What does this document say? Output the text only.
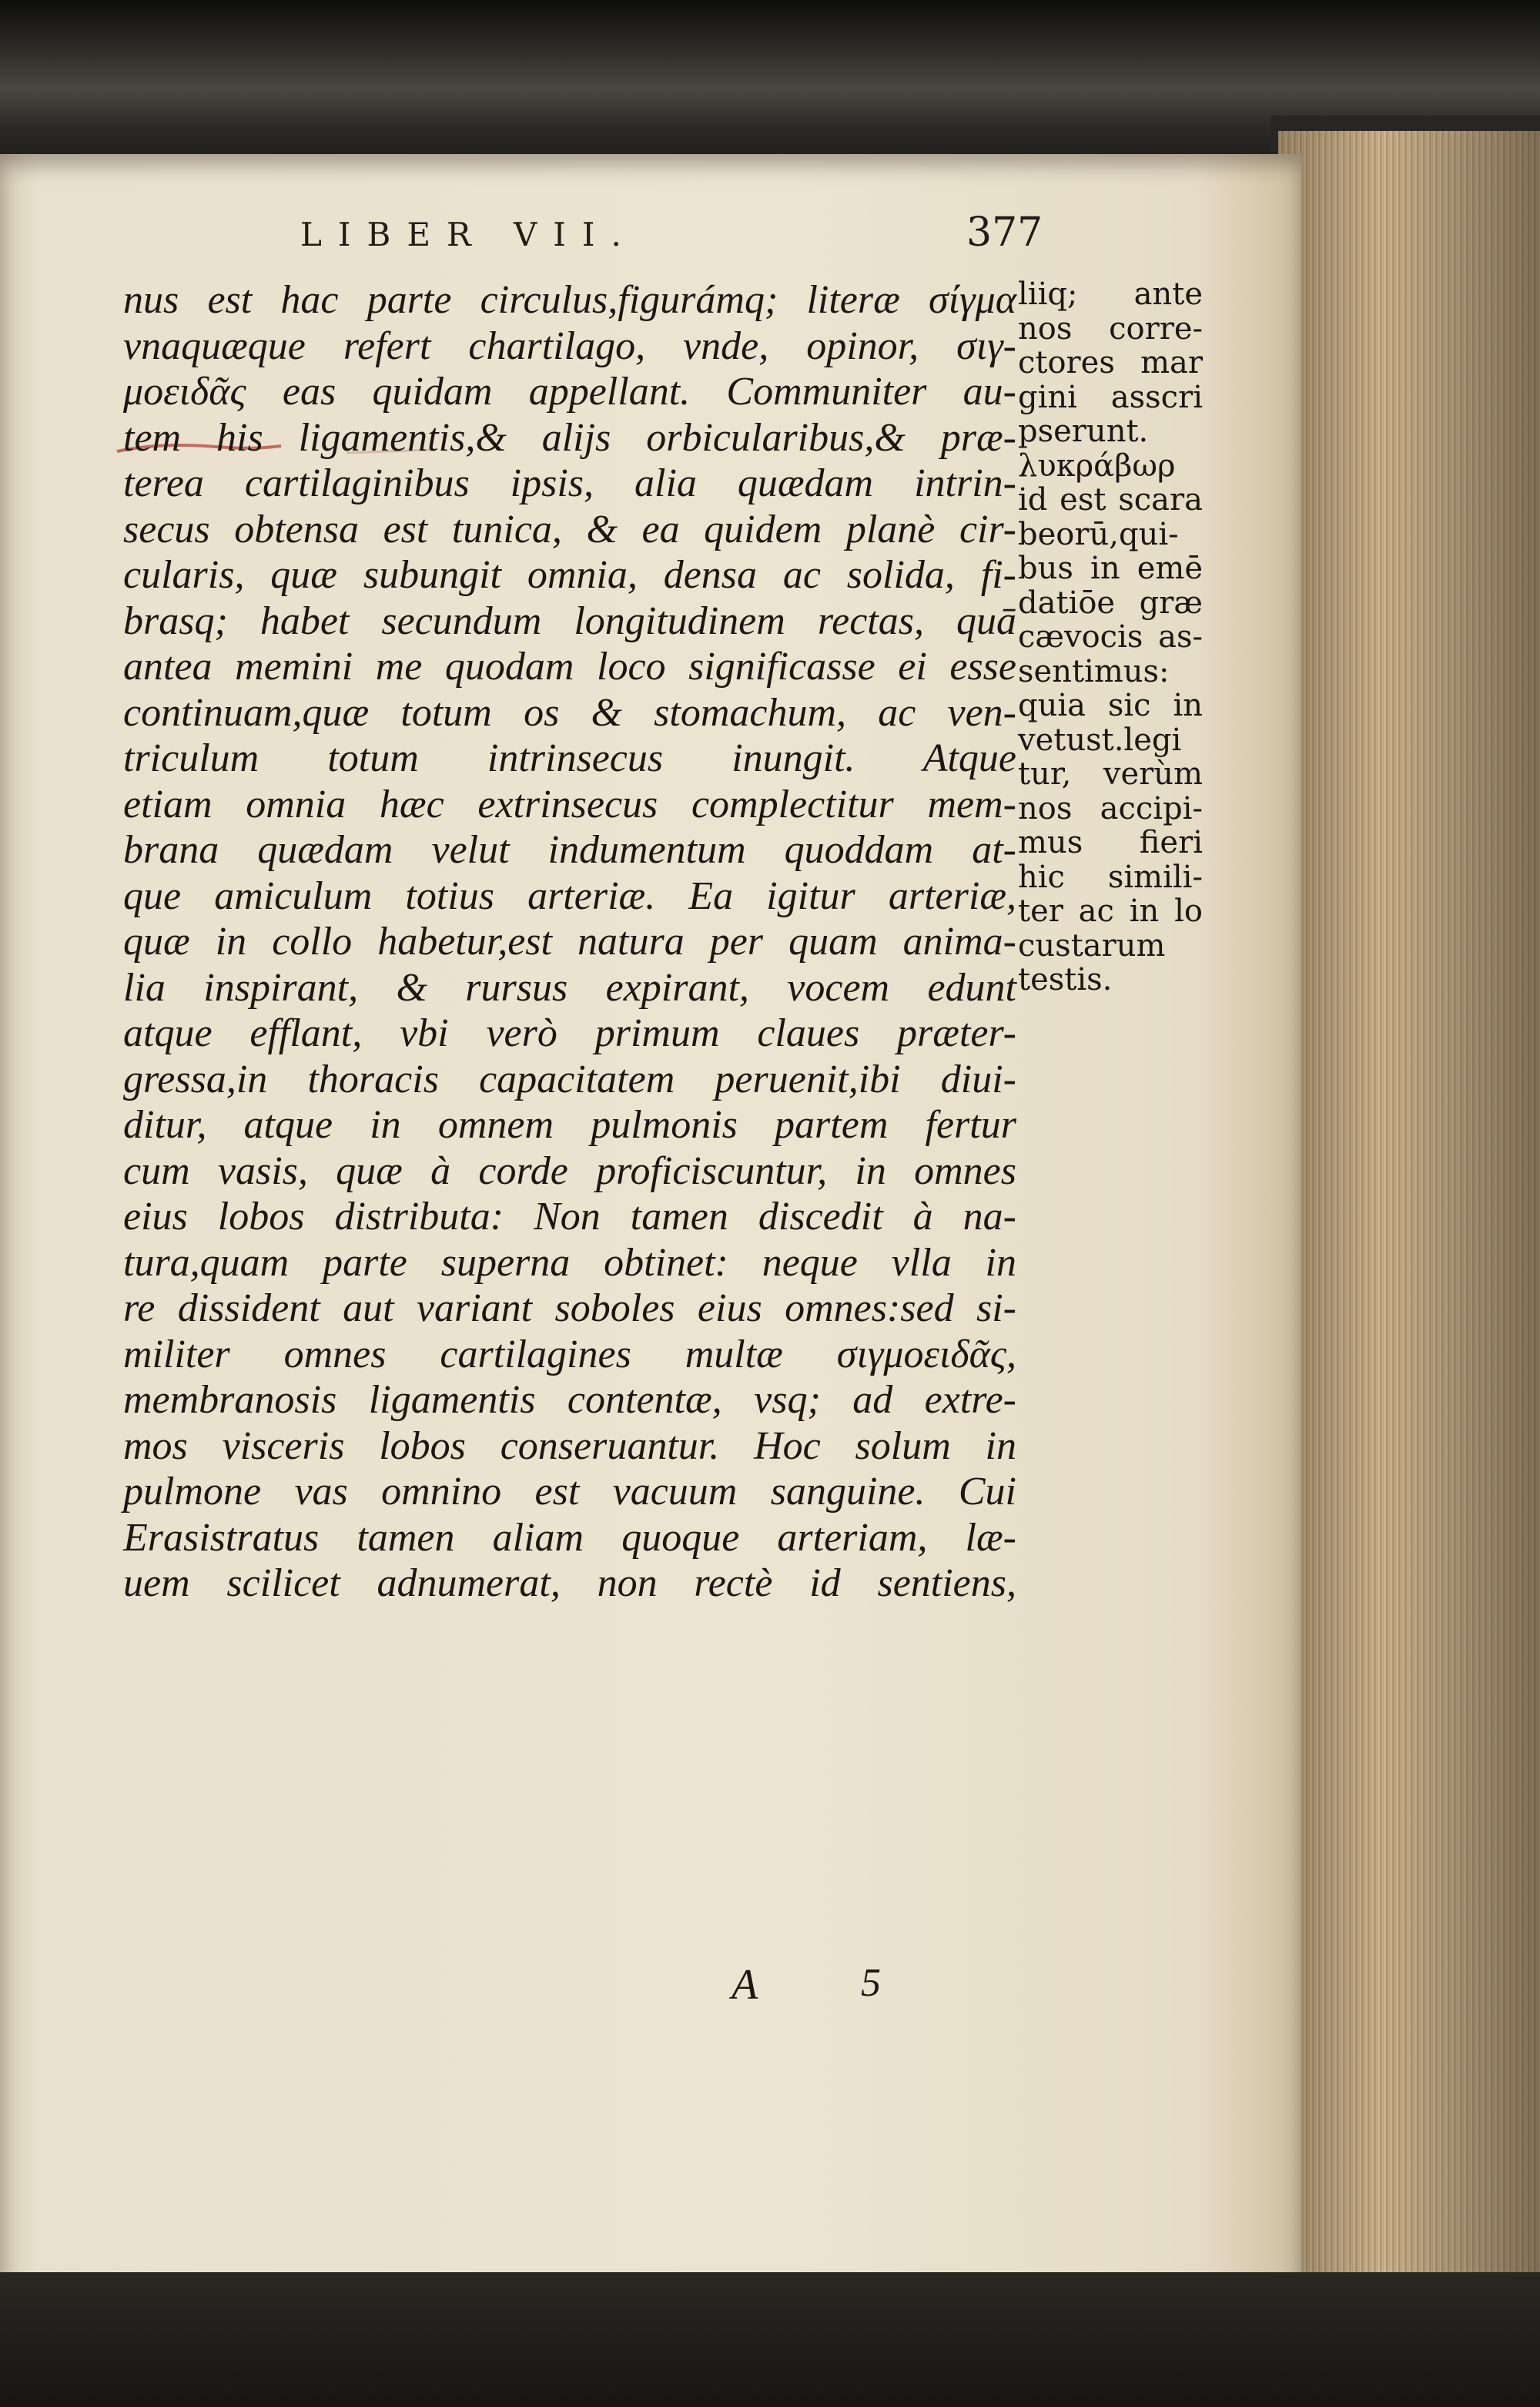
LIBER VII.	377
nus est hac parte circulus,figurámq; literæ σίγμα
vnaquæque refert chartilago, vnde, opinor, σιγ-
μοειδᾶς eas quidam appellant. Communiter au-
tem his ligamentis,& alijs orbicularibus,& præ-
terea cartilaginibus ipsis, alia quædam intrin-
secus obtensa est tunica, & ea quidem planè cir-
cularis, quæ subungit omnia, densa ac solida, fi-
brasq; habet secundum longitudinem rectas, quā
antea memini me quodam loco significasse ei esse
continuam,quæ totum os & stomachum, ac ven-
triculum totum intrinsecus inungit. Atque
etiam omnia hæc extrinsecus complectitur mem-
brana quædam velut indumentum quoddam at-
que amiculum totius arteriæ. Ea igitur arteriæ,
quæ in collo habetur,est natura per quam anima-
lia inspirant, & rursus expirant, vocem edunt
atque efflant, vbi verò primum claues præter-
gressa,in thoracis capacitatem peruenit,ibi diui-
ditur, atque in omnem pulmonis partem fertur
cum vasis, quæ à corde proficiscuntur, in omnes
eius lobos distributa: Non tamen discedit à na-
tura,quam parte superna obtinet: neque vlla in
re dissident aut variant soboles eius omnes:sed si-
militer omnes cartilagines multæ σιγμοειδᾶς,
membranosis ligamentis contentæ, vsq; ad extre-
mos visceris lobos conseruantur. Hoc solum in
pulmone vas omnino est vacuum sanguine. Cui
Erasistratus tamen aliam quoque arteriam, læ-
uem scilicet adnumerat, non rectè id sentiens,
liiq; ante
nos corre-
ctores mar
gini asscri
pserunt.
λυκράβωρ
id est scara
beorū,qui-
bus in emē
datiōe græ
cævocis as-
sentimus:
quia sic in
vetust.legi
tur, verùm
nos accipi-
mus fieri
hic simili-
ter ac in lo
custarum
testis.
A	5
